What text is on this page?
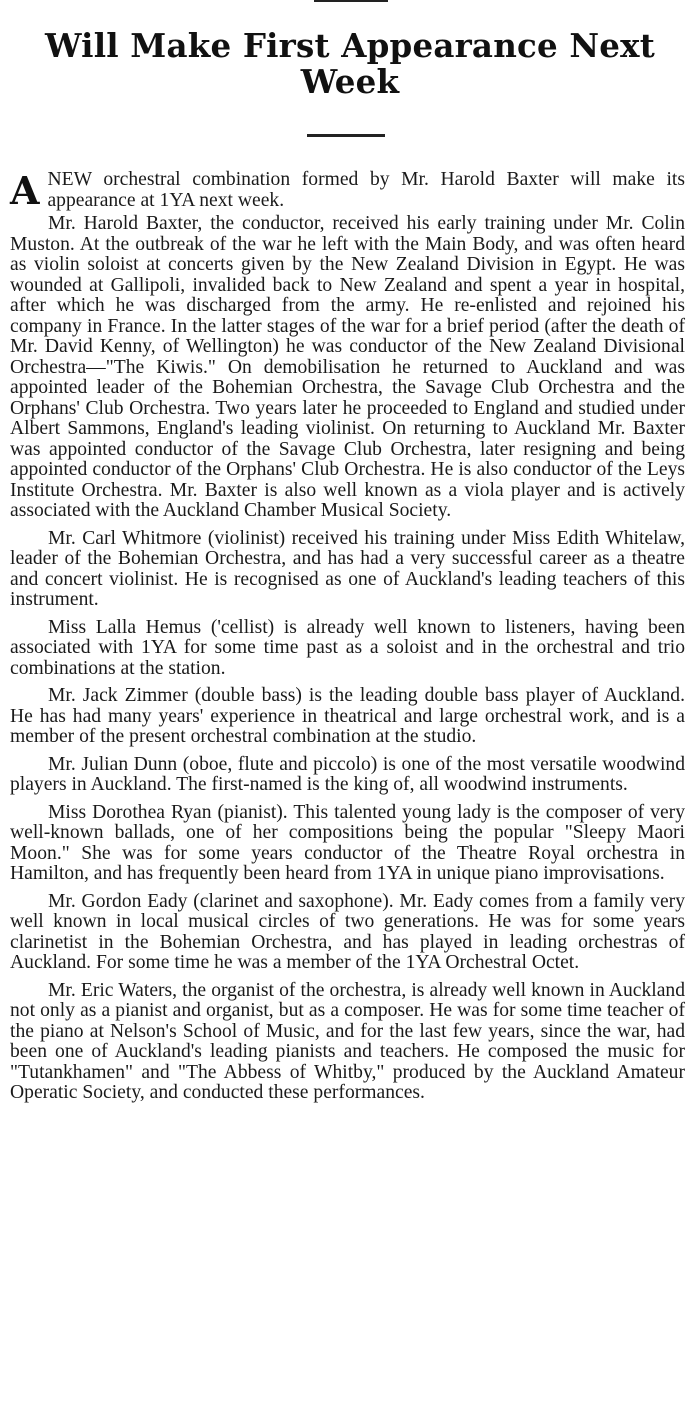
Will Make First Appearance Next Week

A NEW orchestral combination formed by Mr. Harold Baxter will make its appearance at 1YA next week.

Mr. Harold Baxter, the conductor, received his early training under Mr. Colin Muston. At the outbreak of the war he left with the Main Body, and was often heard as violin soloist at concerts given by the New Zealand Division in Egypt. He was wounded at Gallipoli, invalided back to New Zealand and spent a year in hospital, after which he was discharged from the army. He re-enlisted and rejoined his company in France. In the latter stages of the war for a brief period (after the death of Mr. David Kenny, of Wellington) he was conductor of the New Zealand Divisional Orchestra—"The Kiwis." On demobilisation he returned to Auckland and was appointed leader of the Bohemian Orchestra, the Savage Club Orchestra and the Orphans' Club Orchestra. Two years later he proceeded to England and studied under Albert Sammons, England's leading violinist. On returning to Auckland Mr. Baxter was appointed conductor of the Savage Club Orchestra, later resigning and being appointed conductor of the Orphans' Club Orchestra. He is also conductor of the Leys Institute Orchestra. Mr. Baxter is also well known as a viola player and is actively associated with the Auckland Chamber Musical Society.

Mr. Carl Whitmore (violinist) received his training under Miss Edith Whitelaw, leader of the Bohemian Orchestra, and has had a very successful career as a theatre and concert violinist. He is recognised as one of Auckland's leading teachers of this instrument.

Miss Lalla Hemus ('cellist) is already well known to listeners, having been associated with 1YA for some time past as a soloist and in the orchestral and trio combinations at the station.

Mr. Jack Zimmer (double bass) is the leading double bass player of Auckland. He has had many years' experience in theatrical and large orchestral work, and is a member of the present orchestral combination at the studio.

Mr. Julian Dunn (oboe, flute and piccolo) is one of the most versatile woodwind players in Auckland. The first-named is the king of, all woodwind instruments.

Miss Dorothea Ryan (pianist). This talented young lady is the composer of very well-known ballads, one of her compositions being the popular "Sleepy Maori Moon." She was for some years conductor of the Theatre Royal orchestra in Hamilton, and has frequently been heard from 1YA in unique piano improvisations.

Mr. Gordon Eady (clarinet and saxophone). Mr. Eady comes from a family very well known in local musical circles of two generations. He was for some years clarinetist in the Bohemian Orchestra, and has played in leading orchestras of Auckland. For some time he was a member of the 1YA Orchestral Octet.

Mr. Eric Waters, the organist of the orchestra, is already well known in Auckland not only as a pianist and organist, but as a composer. He was for some time teacher of the piano at Nelson's School of Music, and for the last few years, since the war, had been one of Auckland's leading pianists and teachers. He composed the music for "Tutankhamen" and "The Abbess of Whitby," produced by the Auckland Amateur Operatic Society, and conducted these performances.
